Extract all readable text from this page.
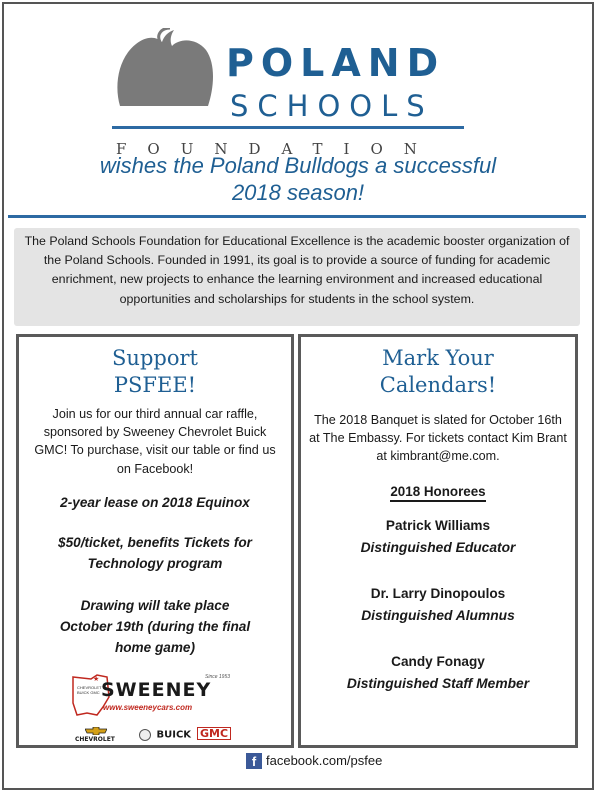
POLAND
SCHOOLS
FOUNDATION
wishes the Poland Bulldogs a successful
2018 season!
The Poland Schools Foundation for Educational Excellence is the academic booster organization of the Poland Schools. Founded in 1991, its goal is to provide a source of funding for academic enrichment, new projects to enhance the learning environment and increased educational opportunities and scholarships for students in the school system.
Support
PSFEE!
Join us for our third annual car raffle, sponsored by Sweeney Chevrolet Buick GMC! To purchase, visit our table or find us on Facebook!
2-year lease on 2018 Equinox
$50/ticket, benefits Tickets for
Technology program
Drawing will take place
October 19th (during the final
home game)
★
CHEVROLET BUICK GMC SWEENEY
Since 1953
www.sweeneycars.com
CHEVROLET	BUICK GMC
Mark Your
Calendars!
The 2018 Banquet is slated for October 16th at The Embassy. For tickets contact Kim Brant at kimbrant@me.com.
2018 Honorees
Patrick Williams
Distinguished Educator
Dr. Larry Dinopoulos
Distinguished Alumnus
Candy Fonagy
Distinguished Staff Member
f facebook.com/psfee
